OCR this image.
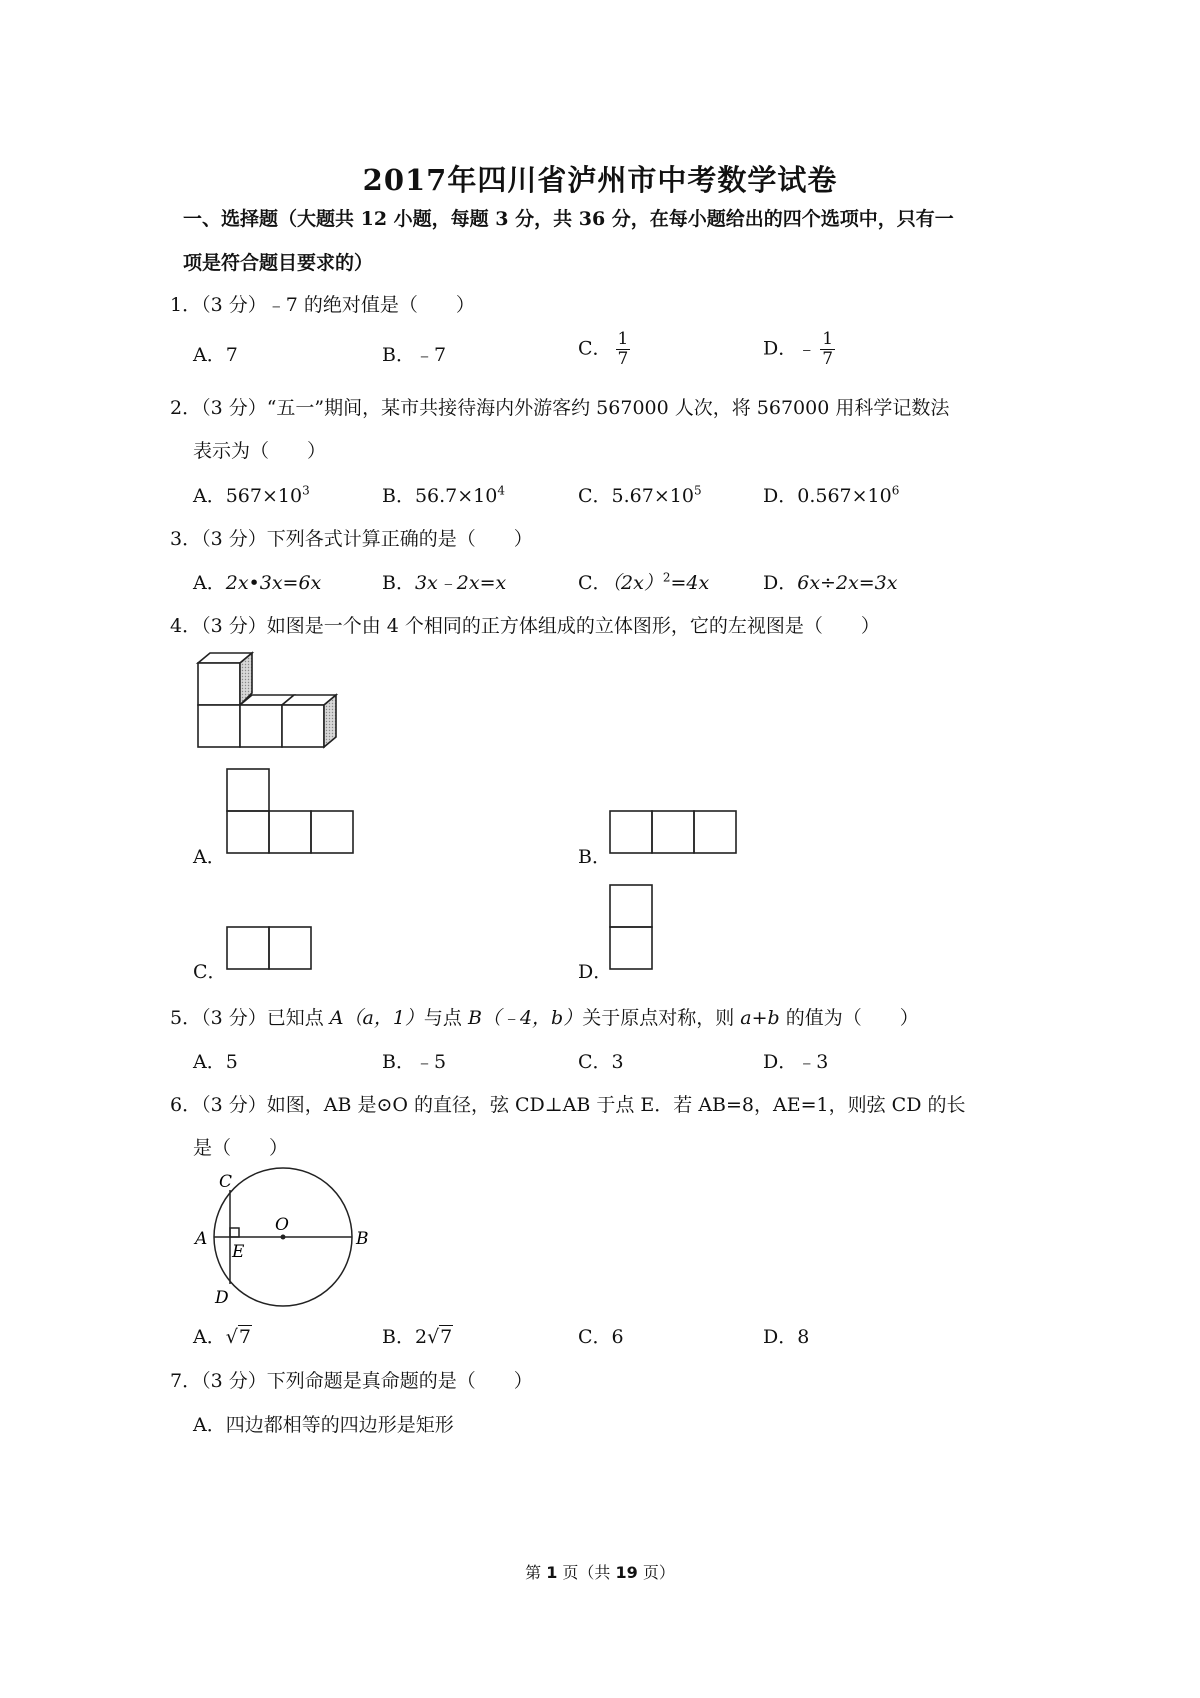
2017年四川省泸州市中考数学试卷
一、选择题（大题共 12 小题，每题 3 分，共 36 分，在每小题给出的四个选项中，只有一
项是符合题目要求的）
1．（3 分）﹣7 的绝对值是（　　）
A．7	B．﹣7	C． $\frac{1}{7}$	D．﹣ $\frac{1}{7}$
2．（3 分）“五一”期间，某市共接待海内外游客约 567000 人次，将 567000 用科学记数法
表示为（　　）
A．$567\times 10^3$	B．$56.7\times 10^4$	C．$5.67\times 10^5$	D．$0.567\times 10^6$
3．（3 分）下列各式计算正确的是（　　）
A．2x•3x=6x	B．3x﹣2x=x	C．$(2x)^2=4x$	D．6x÷2x=3x
4．（3 分）如图是一个由 4 个相同的正方体组成的立体图形，它的左视图是（　　）
A．	B．
C．	D．
5．（3 分）已知点 A（a，1）与点 B（﹣4，b）关于原点对称，则 a+b 的值为（　　）
A．5	B．﹣5	C．3	D．﹣3
6．（3 分）如图，AB 是⊙O 的直径，弦 CD⊥AB 于点 E．若 AB=8，AE=1，则弦 CD 的长
是（　　）
C
A
E
O
B
D
A．√7	B．2√7	C．6	D．8
7．（3 分）下列命题是真命题的是（　　）
A．四边都相等的四边形是矩形
第 1 页（共 19 页）
